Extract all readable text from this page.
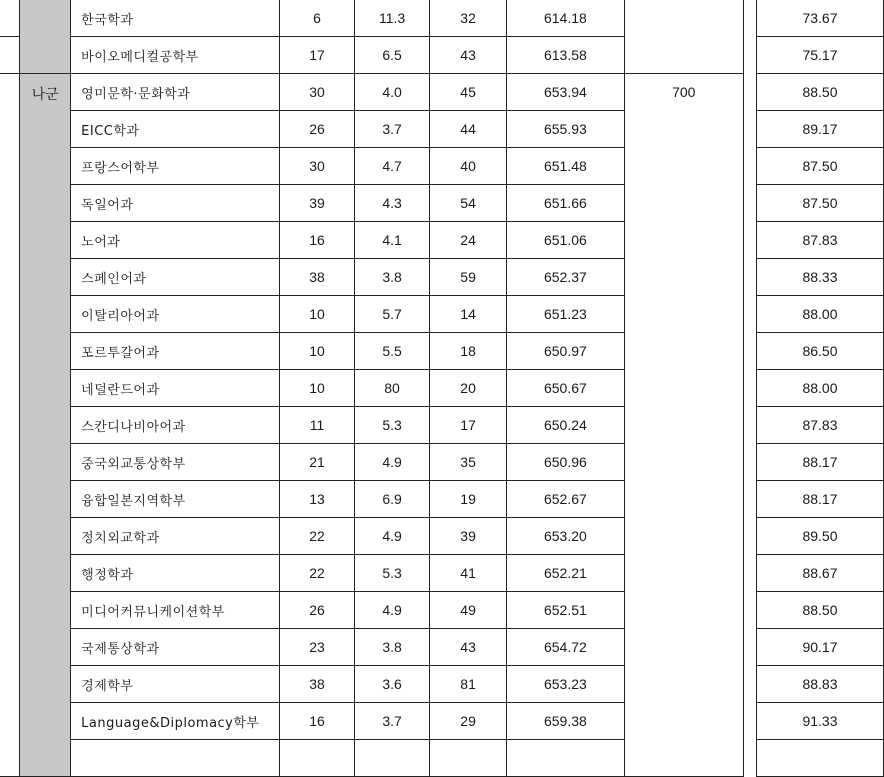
		한국학과	6	11.3	32	614.18			73.67
		바이오메디컬공학부	17	6.5	43	613.58			75.17
	나군	영미문학·문화학과	30	4.0	45	653.94	700		88.50
		EICC학과	26	3.7	44	655.93			89.17
		프랑스어학부	30	4.7	40	651.48			87.50
		독일어과	39	4.3	54	651.66			87.50
		노어과	16	4.1	24	651.06			87.83
		스페인어과	38	3.8	59	652.37			88.33
		이탈리아어과	10	5.7	14	651.23			88.00
		포르투갈어과	10	5.5	18	650.97			86.50
		네덜란드어과	10	80	20	650.67			88.00
		스칸디나비아어과	11	5.3	17	650.24			87.83
		중국외교통상학부	21	4.9	35	650.96			88.17
		융합일본지역학부	13	6.9	19	652.67			88.17
		정치외교학과	22	4.9	39	653.20			89.50
		행정학과	22	5.3	41	652.21			88.67
		미디어커뮤니케이션학부	26	4.9	49	652.51			88.50
		국제통상학과	23	3.8	43	654.72			90.17
		경제학부	38	3.6	81	653.23			88.83
		Language&Diplomacy학부	16	3.7	29	659.38			91.33
